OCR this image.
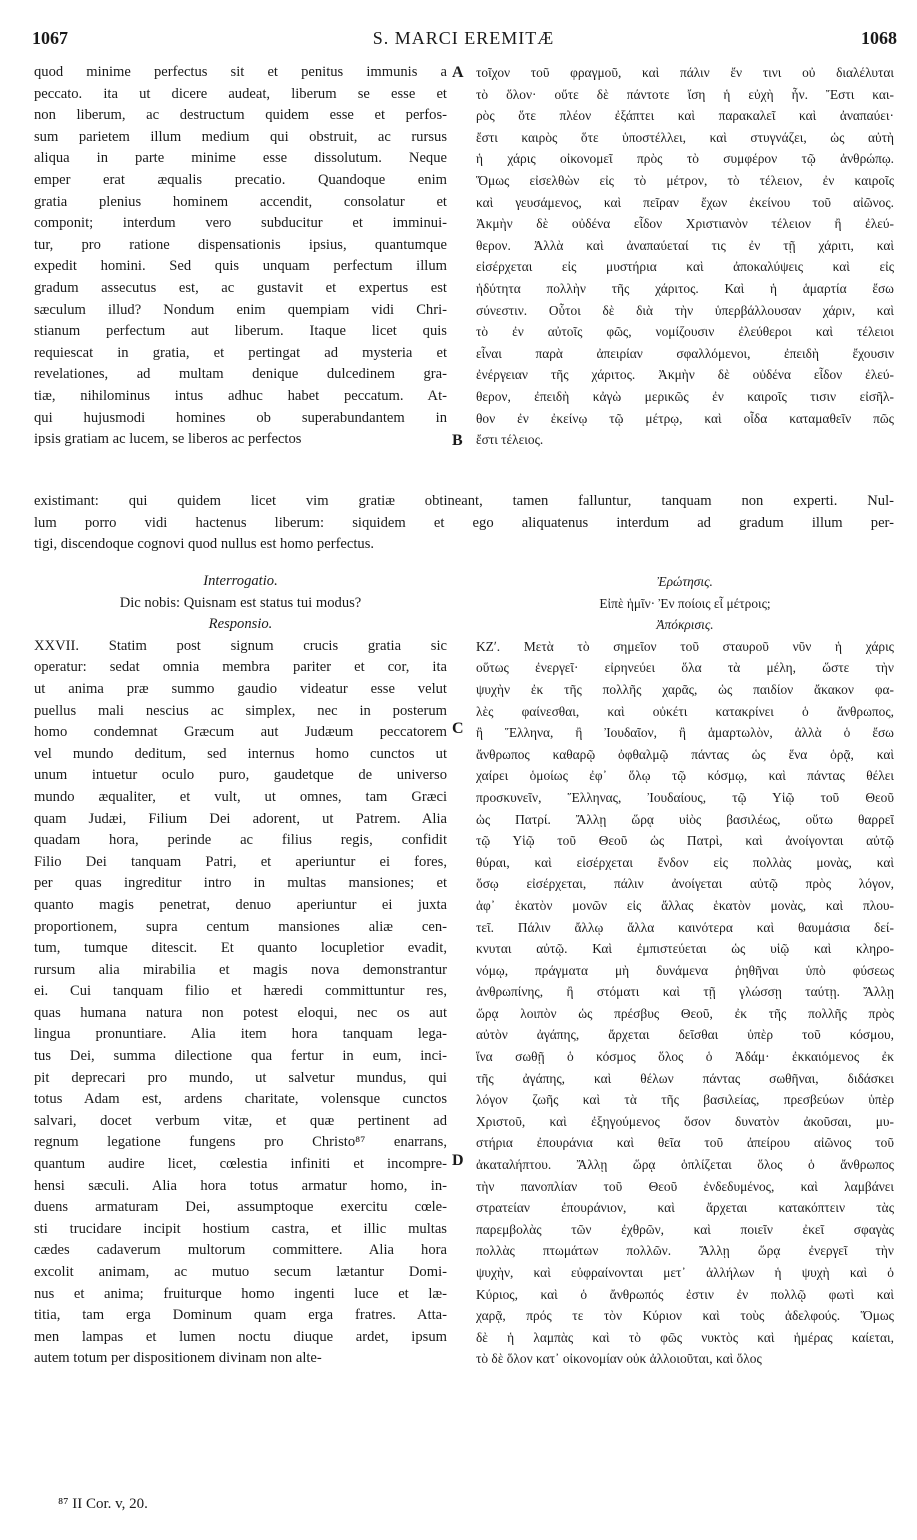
1067	S. MARCI EREMITÆ	1068
quod minime perfectus sit et penitus immunis a
peccato. ita ut dicere audeat, liberum se esse et
non liberum, ac destructum quidem esse et perfos-
sum parietem illum medium qui obstruit, ac rursus
aliqua in parte minime esse dissolutum. Neque
emper erat æqualis precatio. Quandoque enim
gratia plenius hominem accendit, consolatur et
componit; interdum vero subducitur et imminui-
tur, pro ratione dispensationis ipsius, quantumque
expedit homini. Sed quis unquam perfectum illum
gradum assecutus est, ac gustavit et expertus est
sæculum illud? Nondum enim quempiam vidi Chri-
stianum perfectum aut liberum. Itaque licet quis
requiescat in gratia, et pertingat ad mysteria et
revelationes, ad multam denique dulcedinem gra-
tiæ, nihilominus intus adhuc habet peccatum. At-
qui hujusmodi homines ob superabundantem in
ipsis gratiam ac lucem, se liberos ac perfectos
τοῖχον τοῦ φραγμοῦ, καὶ πάλιν ἔν τινι οὐ διαλέλυται
τὸ ὅλον· οὔτε δὲ πάντοτε ἴση ἡ εὐχὴ ἦν. Ἔστι και-
ρὸς ὅτε πλέον ἐξάπτει καὶ παρακαλεῖ καὶ ἀναπαύει·
ἔστι καιρὸς ὅτε ὑποστέλλει, καὶ στυγνάζει, ὡς αὐτὴ
ἡ χάρις οἰκονομεῖ πρὸς τὸ συμφέρον τῷ ἀνθρώπῳ.
Ὅμως εἰσελθὼν εἰς τὸ μέτρον, τὸ τέλειον, ἐν καιροῖς
καὶ γευσάμενος, καὶ πεῖραν ἔχων ἐκείνου τοῦ αἰῶνος.
Ἀκμὴν δὲ οὐδένα εἶδον Χριστιανὸν τέλειον ἢ ἐλεύ-
θερον. Ἀλλὰ καὶ ἀναπαύεταί τις ἐν τῇ χάριτι, καὶ
εἰσέρχεται εἰς μυστήρια καὶ ἀποκαλύψεις καὶ εἰς
ἡδύτητα πολλὴν τῆς χάριτος. Καὶ ἡ ἁμαρτία ἔσω
σύνεστιν. Οὗτοι δὲ διὰ τὴν ὑπερβάλλουσαν χάριν, καὶ
τὸ ἐν αὐτοῖς φῶς, νομίζουσιν ἐλεύθεροι καὶ τέλειοι
εἶναι παρὰ ἀπειρίαν σφαλλόμενοι, ἐπειδὴ ἔχουσιν
ἐνέργειαν τῆς χάριτος. Ἀκμὴν δὲ οὐδένα εἶδον ἐλεύ-
θερον, ἐπειδὴ κἀγὼ μερικῶς ἐν καιροῖς τισιν εἰσῆλ-
θον ἐν ἐκείνῳ τῷ μέτρῳ, καὶ οἶδα καταμαθεῖν πῶς
ἔστι τέλειος.
A
B
C
D
existimant: qui quidem licet vim gratiæ obtineant, tamen falluntur, tanquam non experti. Nul-
lum porro vidi hactenus liberum: siquidem et ego aliquatenus interdum ad gradum illum per-
tigi, discendoque cognovi quod nullus est homo perfectus.
Interrogatio.
Dic nobis: Quisnam est status tui modus?
Responsio.
XXVII. Statim post signum crucis gratia sic
operatur: sedat omnia membra pariter et cor, ita
ut anima præ summo gaudio videatur esse velut
puellus mali nescius ac simplex, nec in posterum
homo condemnat Græcum aut Judæum peccatorem
vel mundo deditum, sed internus homo cunctos ut
unum intuetur oculo puro, gaudetque de universo
mundo æqualiter, et vult, ut omnes, tam Græci
quam Judæi, Filium Dei adorent, ut Patrem. Alia
quadam hora, perinde ac filius regis, confidit
Filio Dei tanquam Patri, et aperiuntur ei fores,
per quas ingreditur intro in multas mansiones; et
quanto magis penetrat, denuo aperiuntur ei juxta
proportionem, supra centum mansiones aliæ cen-
tum, tumque ditescit. Et quanto locupletior evadit,
rursum alia mirabilia et magis nova demonstrantur
ei. Cui tanquam filio et hæredi committuntur res,
quas humana natura non potest eloqui, nec os aut
lingua pronuntiare. Alia item hora tanquam lega-
tus Dei, summa dilectione qua fertur in eum, inci-
pit deprecari pro mundo, ut salvetur mundus, qui
totus Adam est, ardens charitate, volensque cunctos
salvari, docet verbum vitæ, et quæ pertinent ad
regnum legatione fungens pro Christo⁸⁷ enarrans,
quantum audire licet, cœlestia infiniti et incompre-
hensi sæculi. Alia hora totus armatur homo, in-
duens armaturam Dei, assumptoque exercitu cœle-
sti trucidare incipit hostium castra, et illic multas
cædes cadaverum multorum committere. Alia hora
excolit animam, ac mutuo secum lætantur Domi-
nus et anima; fruiturque homo ingenti luce et læ-
titia, tam erga Dominum quam erga fratres. Atta-
men lampas et lumen noctu diuque ardet, ipsum
autem totum per dispositionem divinam non alte-
Ἐρώτησις.
Εἰπὲ ἡμῖν· Ἐν ποίοις εἶ μέτροις;
Ἀπόκρισις.
ΚΖʹ. Μετὰ τὸ σημεῖον τοῦ σταυροῦ νῦν ἡ χάρις
οὕτως ἐνεργεῖ· εἰρηνεύει ὅλα τὰ μέλη, ὥστε τὴν
ψυχὴν ἐκ τῆς πολλῆς χαρᾶς, ὡς παιδίον ἄκακον φα-
λὲς φαίνεσθαι, καὶ οὐκέτι κατακρίνει ὁ ἄνθρωπος,
ἢ Ἕλληνα, ἢ Ἰουδαῖον, ἢ ἁμαρτωλὸν, ἀλλὰ ὁ ἔσω
ἄνθρωπος καθαρῷ ὀφθαλμῷ πάντας ὡς ἕνα ὁρᾷ, καὶ
χαίρει ὁμοίως ἐφ᾽ ὅλῳ τῷ κόσμῳ, καὶ πάντας θέλει
προσκυνεῖν, Ἕλληνας, Ἰουδαίους, τῷ Υἱῷ τοῦ Θεοῦ
ὡς Πατρί. Ἄλλῃ ὥρᾳ υἱὸς βασιλέως, οὕτω θαρρεῖ
τῷ Υἱῷ τοῦ Θεοῦ ὡς Πατρὶ, καὶ ἀνοίγονται αὐτῷ
θύραι, καὶ εἰσέρχεται ἔνδον εἰς πολλὰς μονὰς, καὶ
ὅσῳ εἰσέρχεται, πάλιν ἀνοίγεται αὐτῷ πρὸς λόγον,
ἀφ᾽ ἑκατὸν μονῶν εἰς ἄλλας ἑκατὸν μονὰς, καὶ πλου-
τεῖ. Πάλιν ἄλλῳ ἄλλα καινότερα καὶ θαυμάσια δεί-
κνυται αὐτῷ. Καὶ ἐμπιστεύεται ὡς υἱῷ καὶ κληρο-
νόμῳ, πράγματα μὴ δυνάμενα ῥηθῆναι ὑπὸ φύσεως
ἀνθρωπίνης, ἢ στόματι καὶ τῇ γλώσσῃ ταύτῃ. Ἄλλῃ
ὥρᾳ λοιπὸν ὡς πρέσβυς Θεοῦ, ἐκ τῆς πολλῆς πρὸς
αὐτὸν ἀγάπης, ἄρχεται δεῖσθαι ὑπὲρ τοῦ κόσμου,
ἵνα σωθῇ ὁ κόσμος ὅλος ὁ Ἀδάμ· ἐκκαιόμενος ἐκ
τῆς ἀγάπης, καὶ θέλων πάντας σωθῆναι, διδάσκει
λόγον ζωῆς καὶ τὰ τῆς βασιλείας, πρεσβεύων ὑπὲρ
Χριστοῦ, καὶ ἐξηγούμενος ὅσον δυνατὸν ἀκοῦσαι, μυ-
στήρια ἐπουράνια καὶ θεῖα τοῦ ἀπείρου αἰῶνος τοῦ
ἀκαταλήπτου. Ἄλλῃ ὥρᾳ ὁπλίζεται ὅλος ὁ ἄνθρωπος
τὴν πανοπλίαν τοῦ Θεοῦ ἐνδεδυμένος, καὶ λαμβάνει
στρατείαν ἐπουράνιον, καὶ ἄρχεται κατακόπτειν τὰς
παρεμβολὰς τῶν ἐχθρῶν, καὶ ποιεῖν ἐκεῖ σφαγὰς
πολλὰς πτωμάτων πολλῶν. Ἄλλῃ ὥρᾳ ἐνεργεῖ τὴν
ψυχὴν, καὶ εὐφραίνονται μετ᾽ ἀλλήλων ἡ ψυχὴ καὶ ὁ
Κύριος, καὶ ὁ ἄνθρωπός ἐστιν ἐν πολλῷ φωτὶ καὶ
χαρᾷ, πρός τε τὸν Κύριον καὶ τοὺς ἀδελφούς. Ὅμως
δὲ ἡ λαμπὰς καὶ τὸ φῶς νυκτὸς καὶ ἡμέρας καίεται,
τὸ δὲ ὅλον κατ᾽ οἰκονομίαν οὐκ ἀλλοιοῦται, καὶ ὅλος
⁸⁷ II Cor. v, 20.
